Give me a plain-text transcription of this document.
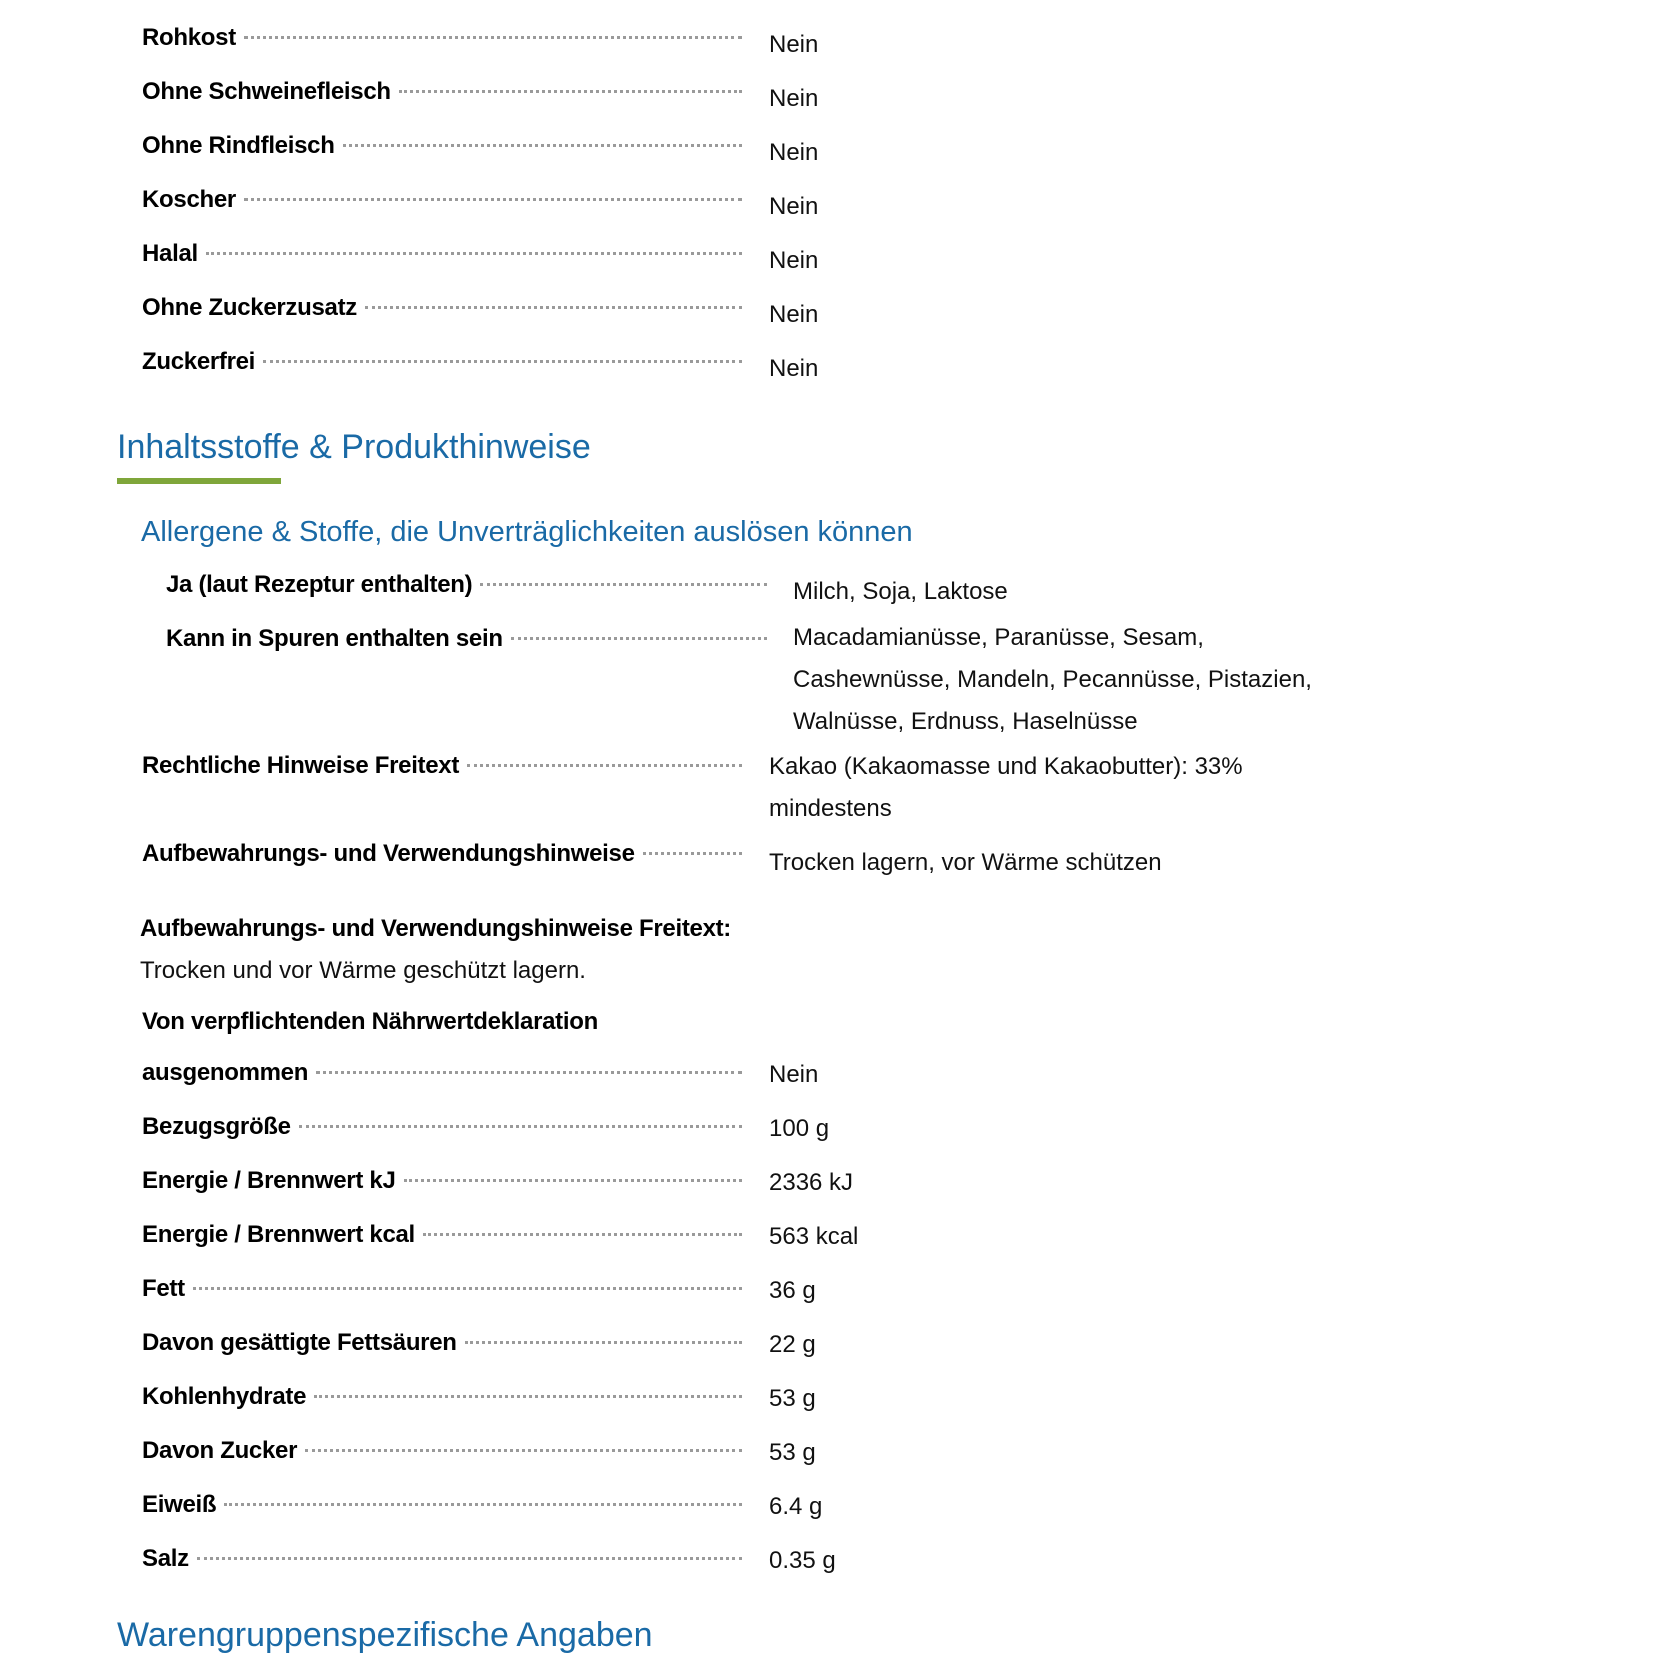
Rohkost	Nein
Ohne Schweinefleisch	Nein
Ohne Rindfleisch	Nein
Koscher	Nein
Halal	Nein
Ohne Zuckerzusatz	Nein
Zuckerfrei	Nein
Inhaltsstoffe & Produkthinweise
Allergene & Stoffe, die Unverträglichkeiten auslösen können
Ja (laut Rezeptur enthalten)	Milch, Soja, Laktose
Kann in Spuren enthalten sein	Macadamianüsse, Paranüsse, Sesam,
Cashewnüsse, Mandeln, Pecannüsse, Pistazien,
Walnüsse, Erdnuss, Haselnüsse
Rechtliche Hinweise Freitext	Kakao (Kakaomasse und Kakaobutter): 33%
mindestens
Aufbewahrungs- und Verwendungshinweise	Trocken lagern, vor Wärme schützen
Aufbewahrungs- und Verwendungshinweise Freitext:
Trocken und vor Wärme geschützt lagern.
Von verpflichtenden Nährwertdeklaration
ausgenommen	Nein
Bezugsgröße	100 g
Energie / Brennwert kJ	2336 kJ
Energie / Brennwert kcal	563 kcal
Fett	36 g
Davon gesättigte Fettsäuren	22 g
Kohlenhydrate	53 g
Davon Zucker	53 g
Eiweiß	6.4 g
Salz	0.35 g
Warengruppenspezifische Angaben
